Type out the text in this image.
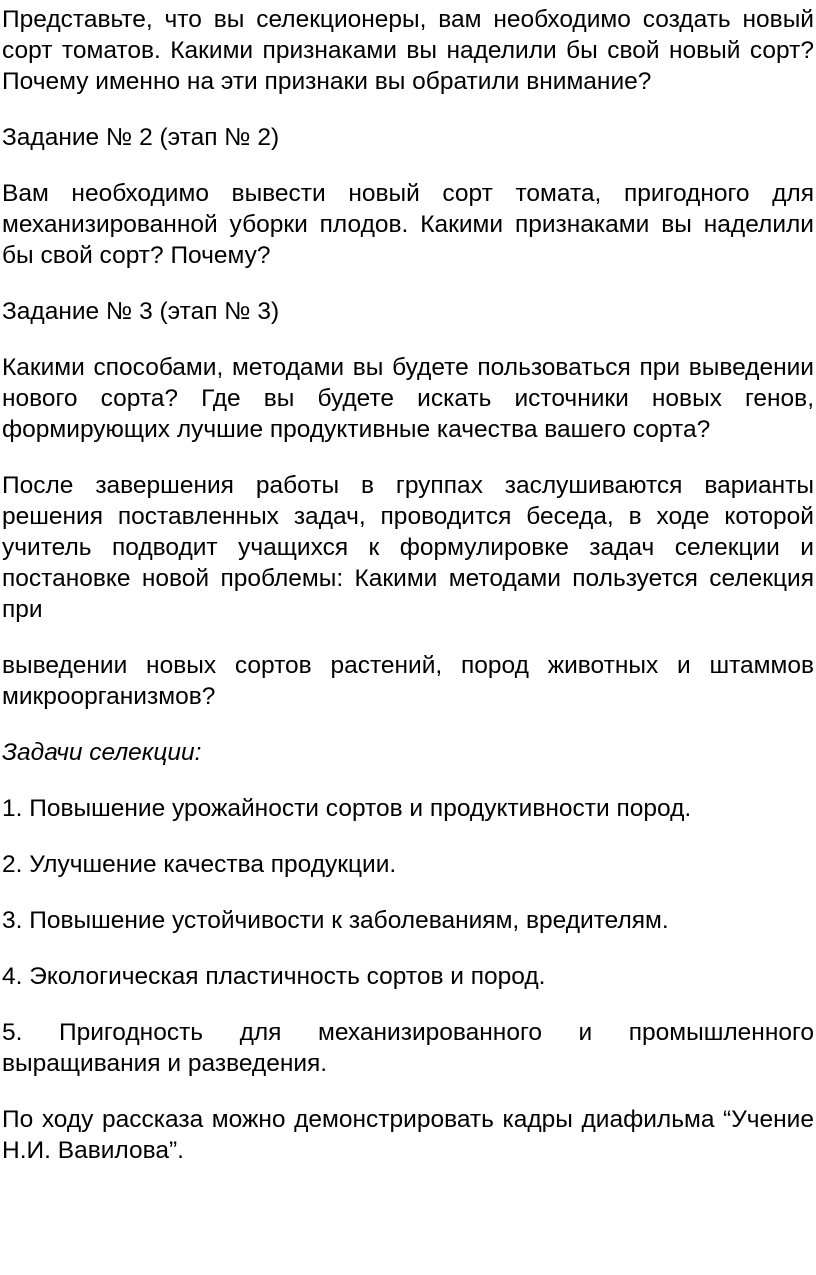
Представьте, что вы селекционеры, вам необходимо создать новый сорт томатов. Какими признаками вы наделили бы свой новый сорт? Почему именно на эти признаки вы обратили внимание?

Задание № 2 (этап № 2)

Вам необходимо вывести новый сорт томата, пригодного для механизированной уборки плодов. Какими признаками вы наделили бы свой сорт? Почему?

Задание № 3 (этап № 3)

Какими способами, методами вы будете пользоваться при выведении нового сорта? Где вы будете искать источники новых генов, формирующих лучшие продуктивные качества вашего сорта?

После завершения работы в группах заслушиваются варианты решения поставленных задач, проводится беседа, в ходе которой учитель подводит учащихся к формулировке задач селекции и постановке новой проблемы: Какими методами пользуется селекция при

выведении новых сортов растений, пород животных и штаммов микроорганизмов?

Задачи селекции:

1. Повышение урожайности сортов и продуктивности пород.

2. Улучшение качества продукции.

3. Повышение устойчивости к заболеваниям, вредителям.

4. Экологическая пластичность сортов и пород.

5. Пригодность для механизированного и промышленного выращивания и разведения.

По ходу рассказа можно демонстрировать кадры диафильма “Учение Н.И. Вавилова”.
